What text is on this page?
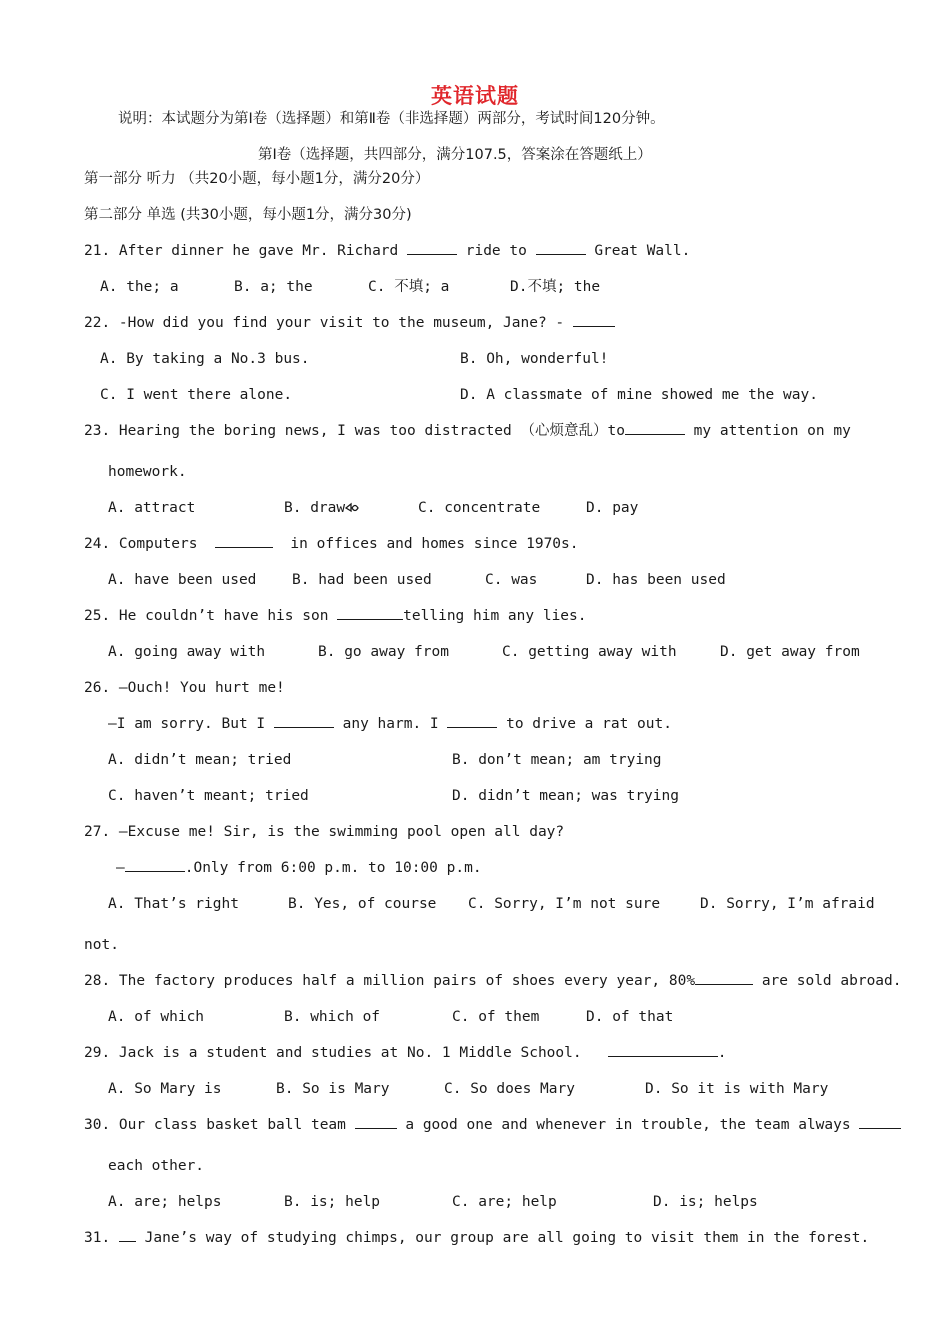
英语试题
说明：本试题分为第Ⅰ卷（选择题）和第Ⅱ卷（非选择题）两部分，考试时间120分钟。
第Ⅰ卷（选择题，共四部分，满分107.5，答案涂在答题纸上）
第一部分 听力 （共20小题，每小题1分，满分20分）
第二部分 单选 (共30小题，每小题1分，满分30分)
21. After dinner he gave Mr. Richard	ride to	Great Wall.
A. the; a	B. a; the	C. 不填; a	D.不填; the
22. -How did you find your visit to the museum, Jane? -
A. By taking a No.3 bus.	B. Oh, wonderful!
C. I went there alone.	D. A classmate of mine showed me the way.
23. Hearing the boring news, I was too distracted （心烦意乱）to	my attention on my
homework.
A. attract	B. draw	C. concentrate	D. pay
24. Computers	in offices and homes since 1970s.
A. have been used B. had been used	C. was	D. has been used
25. He couldn’t have his son	telling him any lies.
A. going away with	B. go away from	C. getting away with	D. get away from
26. —Ouch! You hurt me!
—I am sorry. But I	any harm. I	to drive a rat out.
A. didn’t mean; tried	B. don’t mean; am trying
C. haven’t meant; tried	D. didn’t mean; was trying
27. —Excuse me! Sir, is the swimming pool open all day?
—	.Only from 6:00 p.m. to 10:00 p.m.
A. That’s right	B. Yes, of course C. Sorry, I’m not sure	D. Sorry, I’m afraid
not.
28. The factory produces half a million pairs of shoes every year, 80%	are sold abroad.
A. of which	B. which of	C. of them	D. of that
29. Jack is a student and studies at No. 1 Middle School.	.
A. So Mary is	B. So is Mary	C. So does Mary	D. So it is with Mary
30. Our class basket ball team	a good one and whenever in trouble, the team always
each other.
A. are; helps	B. is; help	C. are; help	D. is; helps
31.  Jane’s way of studying chimps, our group are all going to visit them in the forest.
